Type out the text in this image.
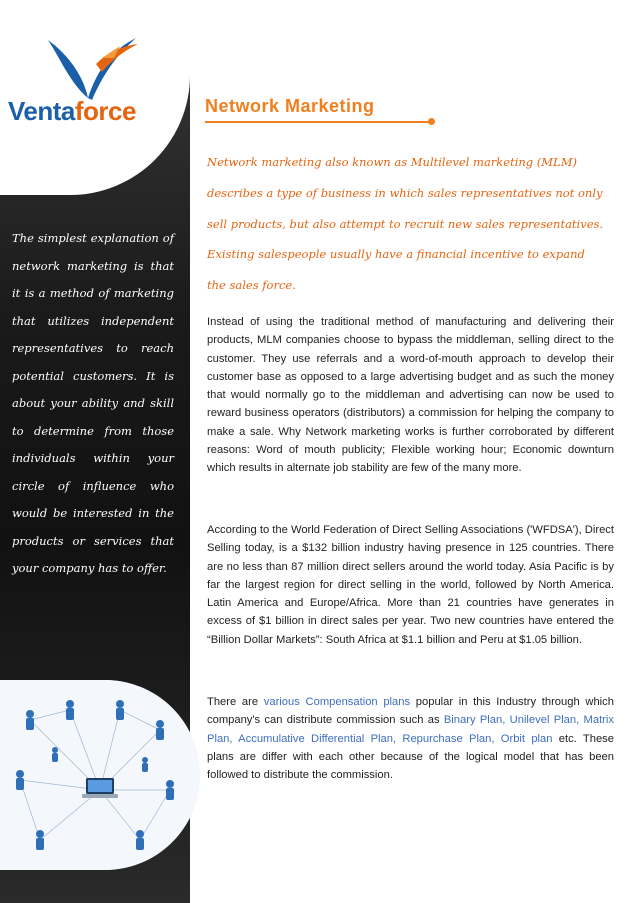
Ventaforce
The simplest explanation of network marketing is that it is a method of marketing that utilizes independent representatives to reach potential customers. It is about your ability and skill to determine from those individuals within your circle of influence who would be interested in the products or services that your company has to offer.
Network Marketing
Network marketing also known as Multilevel marketing (MLM) describes a type of business in which sales representatives not only sell products, but also attempt to recruit new sales representatives. Existing salespeople usually have a financial incentive to expand the sales force.
Instead of using the traditional method of manufacturing and delivering their products, MLM companies choose to bypass the middleman, selling direct to the customer. They use referrals and a word-of-mouth approach to develop their customer base as opposed to a large advertising budget and as such the money that would normally go to the middleman and advertising can now be used to reward business operators (distributors) a commission for helping the company to make a sale. Why Network marketing works is further corroborated by different reasons: Word of mouth publicity; Flexible working hour; Economic downturn which results in alternate job stability are few of the many more.
According to the World Federation of Direct Selling Associations ('WFDSA'), Direct Selling today, is a $132 billion industry having presence in 125 countries. There are no less than 87 million direct sellers around the world today. Asia Pacific is by far the largest region for direct selling in the world, followed by North America. Latin America and Europe/Africa. More than 21 countries have generates in excess of $1 billion in direct sales per year. Two new countries have entered the “Billion Dollar Markets”: South Africa at $1.1 billion and Peru at $1.05 billion.
There are various Compensation plans popular in this Industry through which company's can distribute commission such as Binary Plan, Unilevel Plan, Matrix Plan, Accumulative Differential Plan, Repurchase Plan, Orbit plan etc. These plans are differ with each other because of the logical model that has been followed to distribute the commission.
